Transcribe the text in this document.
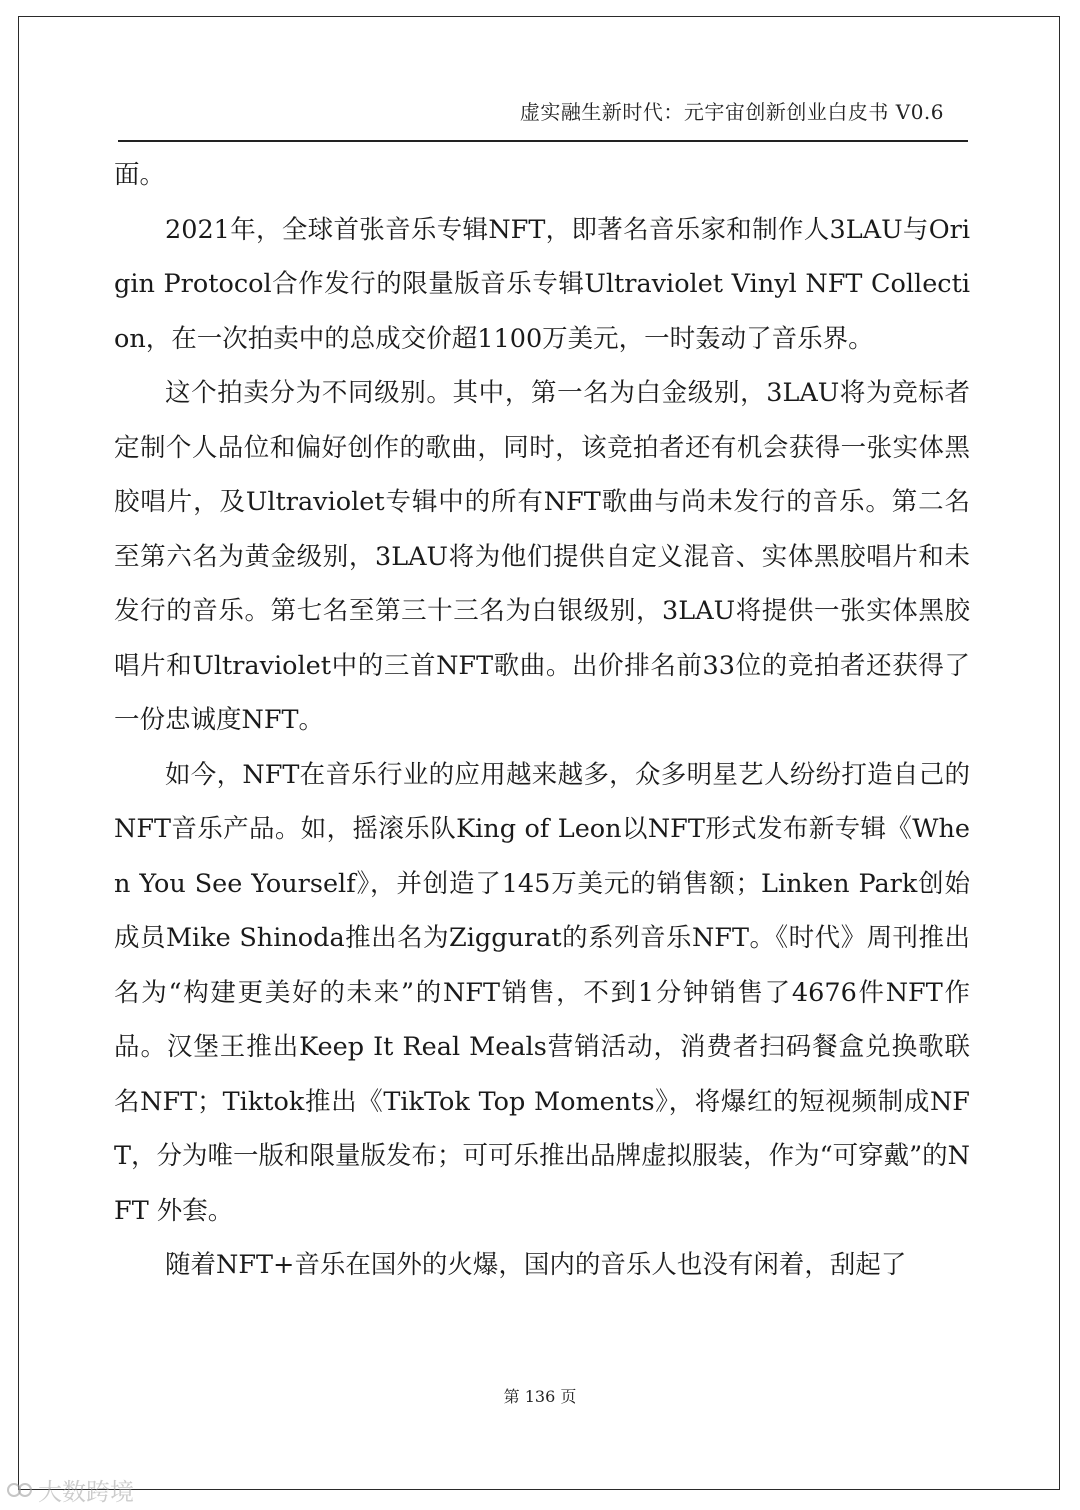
虚实融生新时代：元宇宙创新创业白皮书 V0.6

面。

2021年，全球首张音乐专辑NFT，即著名音乐家和制作人3LAU与Origin Protocol合作发行的限量版音乐专辑Ultraviolet Vinyl NFT Collection，在一次拍卖中的总成交价超1100万美元，一时轰动了音乐界。

这个拍卖分为不同级别。其中，第一名为白金级别，3LAU将为竞标者定制个人品位和偏好创作的歌曲，同时，该竞拍者还有机会获得一张实体黑胶唱片，及Ultraviolet专辑中的所有NFT歌曲与尚未发行的音乐。第二名至第六名为黄金级别，3LAU将为他们提供自定义混音、实体黑胶唱片和未发行的音乐。第七名至第三十三名为白银级别，3LAU将提供一张实体黑胶唱片和Ultraviolet中的三首NFT歌曲。出价排名前33位的竞拍者还获得了一份忠诚度NFT。

如今，NFT在音乐行业的应用越来越多，众多明星艺人纷纷打造自己的NFT音乐产品。如，摇滚乐队King of Leon以NFT形式发布新专辑《When You See Yourself》，并创造了145万美元的销售额；Linken Park创始成员Mike Shinoda推出名为Ziggurat的系列音乐NFT。《时代》周刊推出名为“构建更美好的未来”的NFT销售，不到1分钟销售了4676件NFT作品。汉堡王推出Keep It Real Meals营销活动，消费者扫码餐盒兑换歌联名NFT；Tiktok推出《TikTok Top Moments》，将爆红的短视频制成NFT，分为唯一版和限量版发布；可可乐推出品牌虚拟服装，作为“可穿戴”的NFT 外套。

随着NFT+音乐在国外的火爆，国内的音乐人也没有闲着，刮起了

第 136 页
大数跨境
